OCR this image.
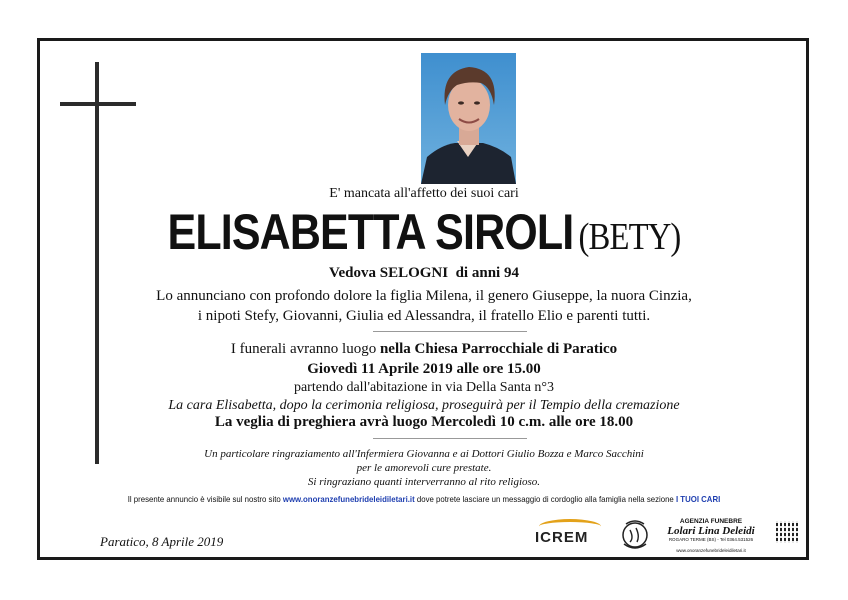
E' mancata all'affetto dei suoi cari
ELISABETTA SIROLI (BETY)
Vedova SELOGNI  di anni 94
Lo annunciano con profondo dolore la figlia Milena, il genero Giuseppe, la nuora Cinzia,
i nipoti Stefy, Giovanni, Giulia ed Alessandra, il fratello Elio e parenti tutti.
I funerali avranno luogo nella Chiesa Parrocchiale di Paratico
Giovedì 11 Aprile 2019 alle ore 15.00
partendo dall'abitazione in via Della Santa n°3
La cara Elisabetta, dopo la cerimonia religiosa, proseguirà per il Tempio della cremazione
La veglia di preghiera avrà luogo Mercoledì 10 c.m. alle ore 18.00
Un particolare ringraziamento all'Infermiera Giovanna e ai Dottori Giulio Bozza e Marco Sacchini
per le amorevoli cure prestate.
Si ringraziano quanti interverranno al rito religioso.
Il presente annuncio è visibile sul nostro sito www.onoranzefunebrideleidiletari.it dove potrete lasciare un messaggio di cordoglio alla famiglia nella sezione I TUOI CARI
Paratico, 8 Aprile 2019	ICREM
AGENZIA FUNEBRE
Lolari Lina Deleidi
ROGARO TERME (BS) - Tel 0364.531526
www.onoranzefunebrideleidiletari.it
